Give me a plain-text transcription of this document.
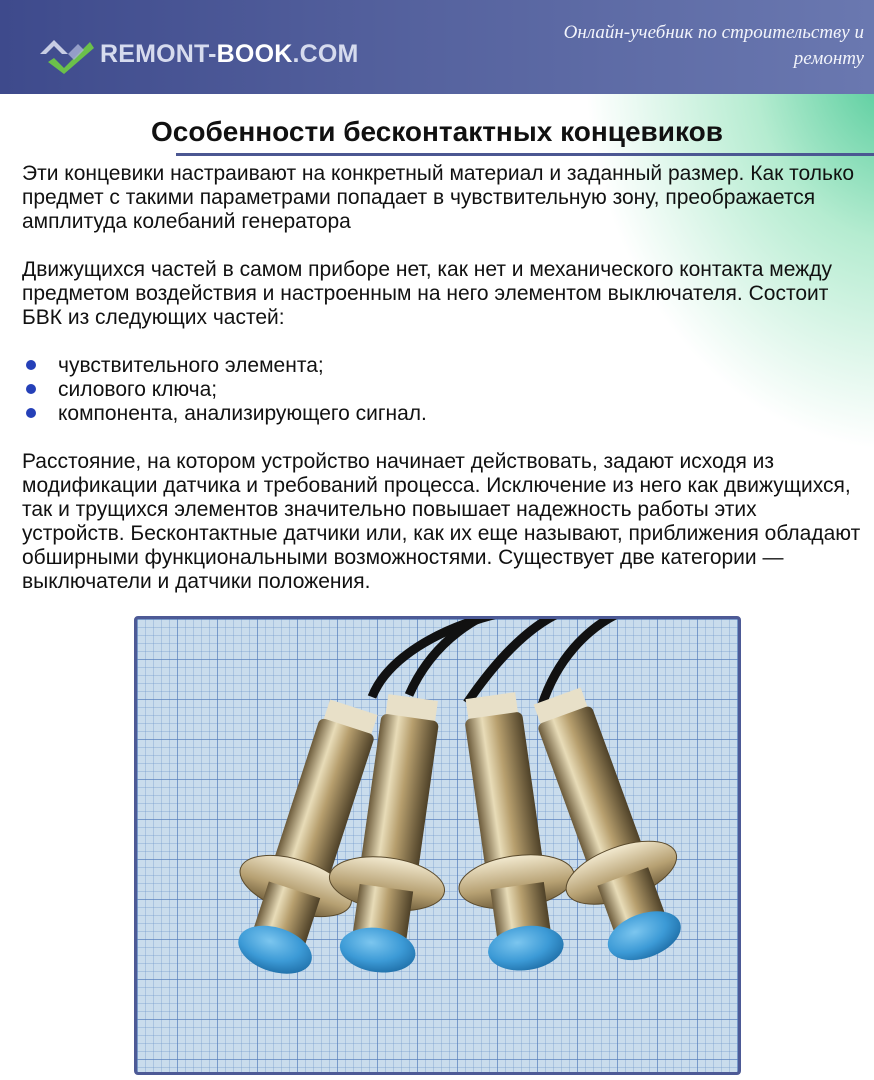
REMONT-BOOK.COM
Онлайн-учебник по строительству и ремонту
Особенности бесконтактных концевиков

Эти концевики настраивают на конкретный материал и заданный размер. Как только предмет с такими параметрами попадает в чувствительную зону, преображается амплитуда колебаний генератора

Движущихся частей в самом приборе нет, как нет и механического контакта между предметом воздействия и настроенным на него элементом выключателя. Состоит БВК из следующих частей:

чувствительного элемента;
силового ключа;
компонента, анализирующего сигнал.

Расстояние, на котором устройство начинает действовать, задают исходя из модификации датчика и требований процесса. Исключение из него как движущихся, так и трущихся элементов значительно повышает надежность работы этих устройств. Бесконтактные датчики или, как их еще называют, приближения обладают обширными функциональными возможностями. Существует две категории — выключатели и датчики положения.
